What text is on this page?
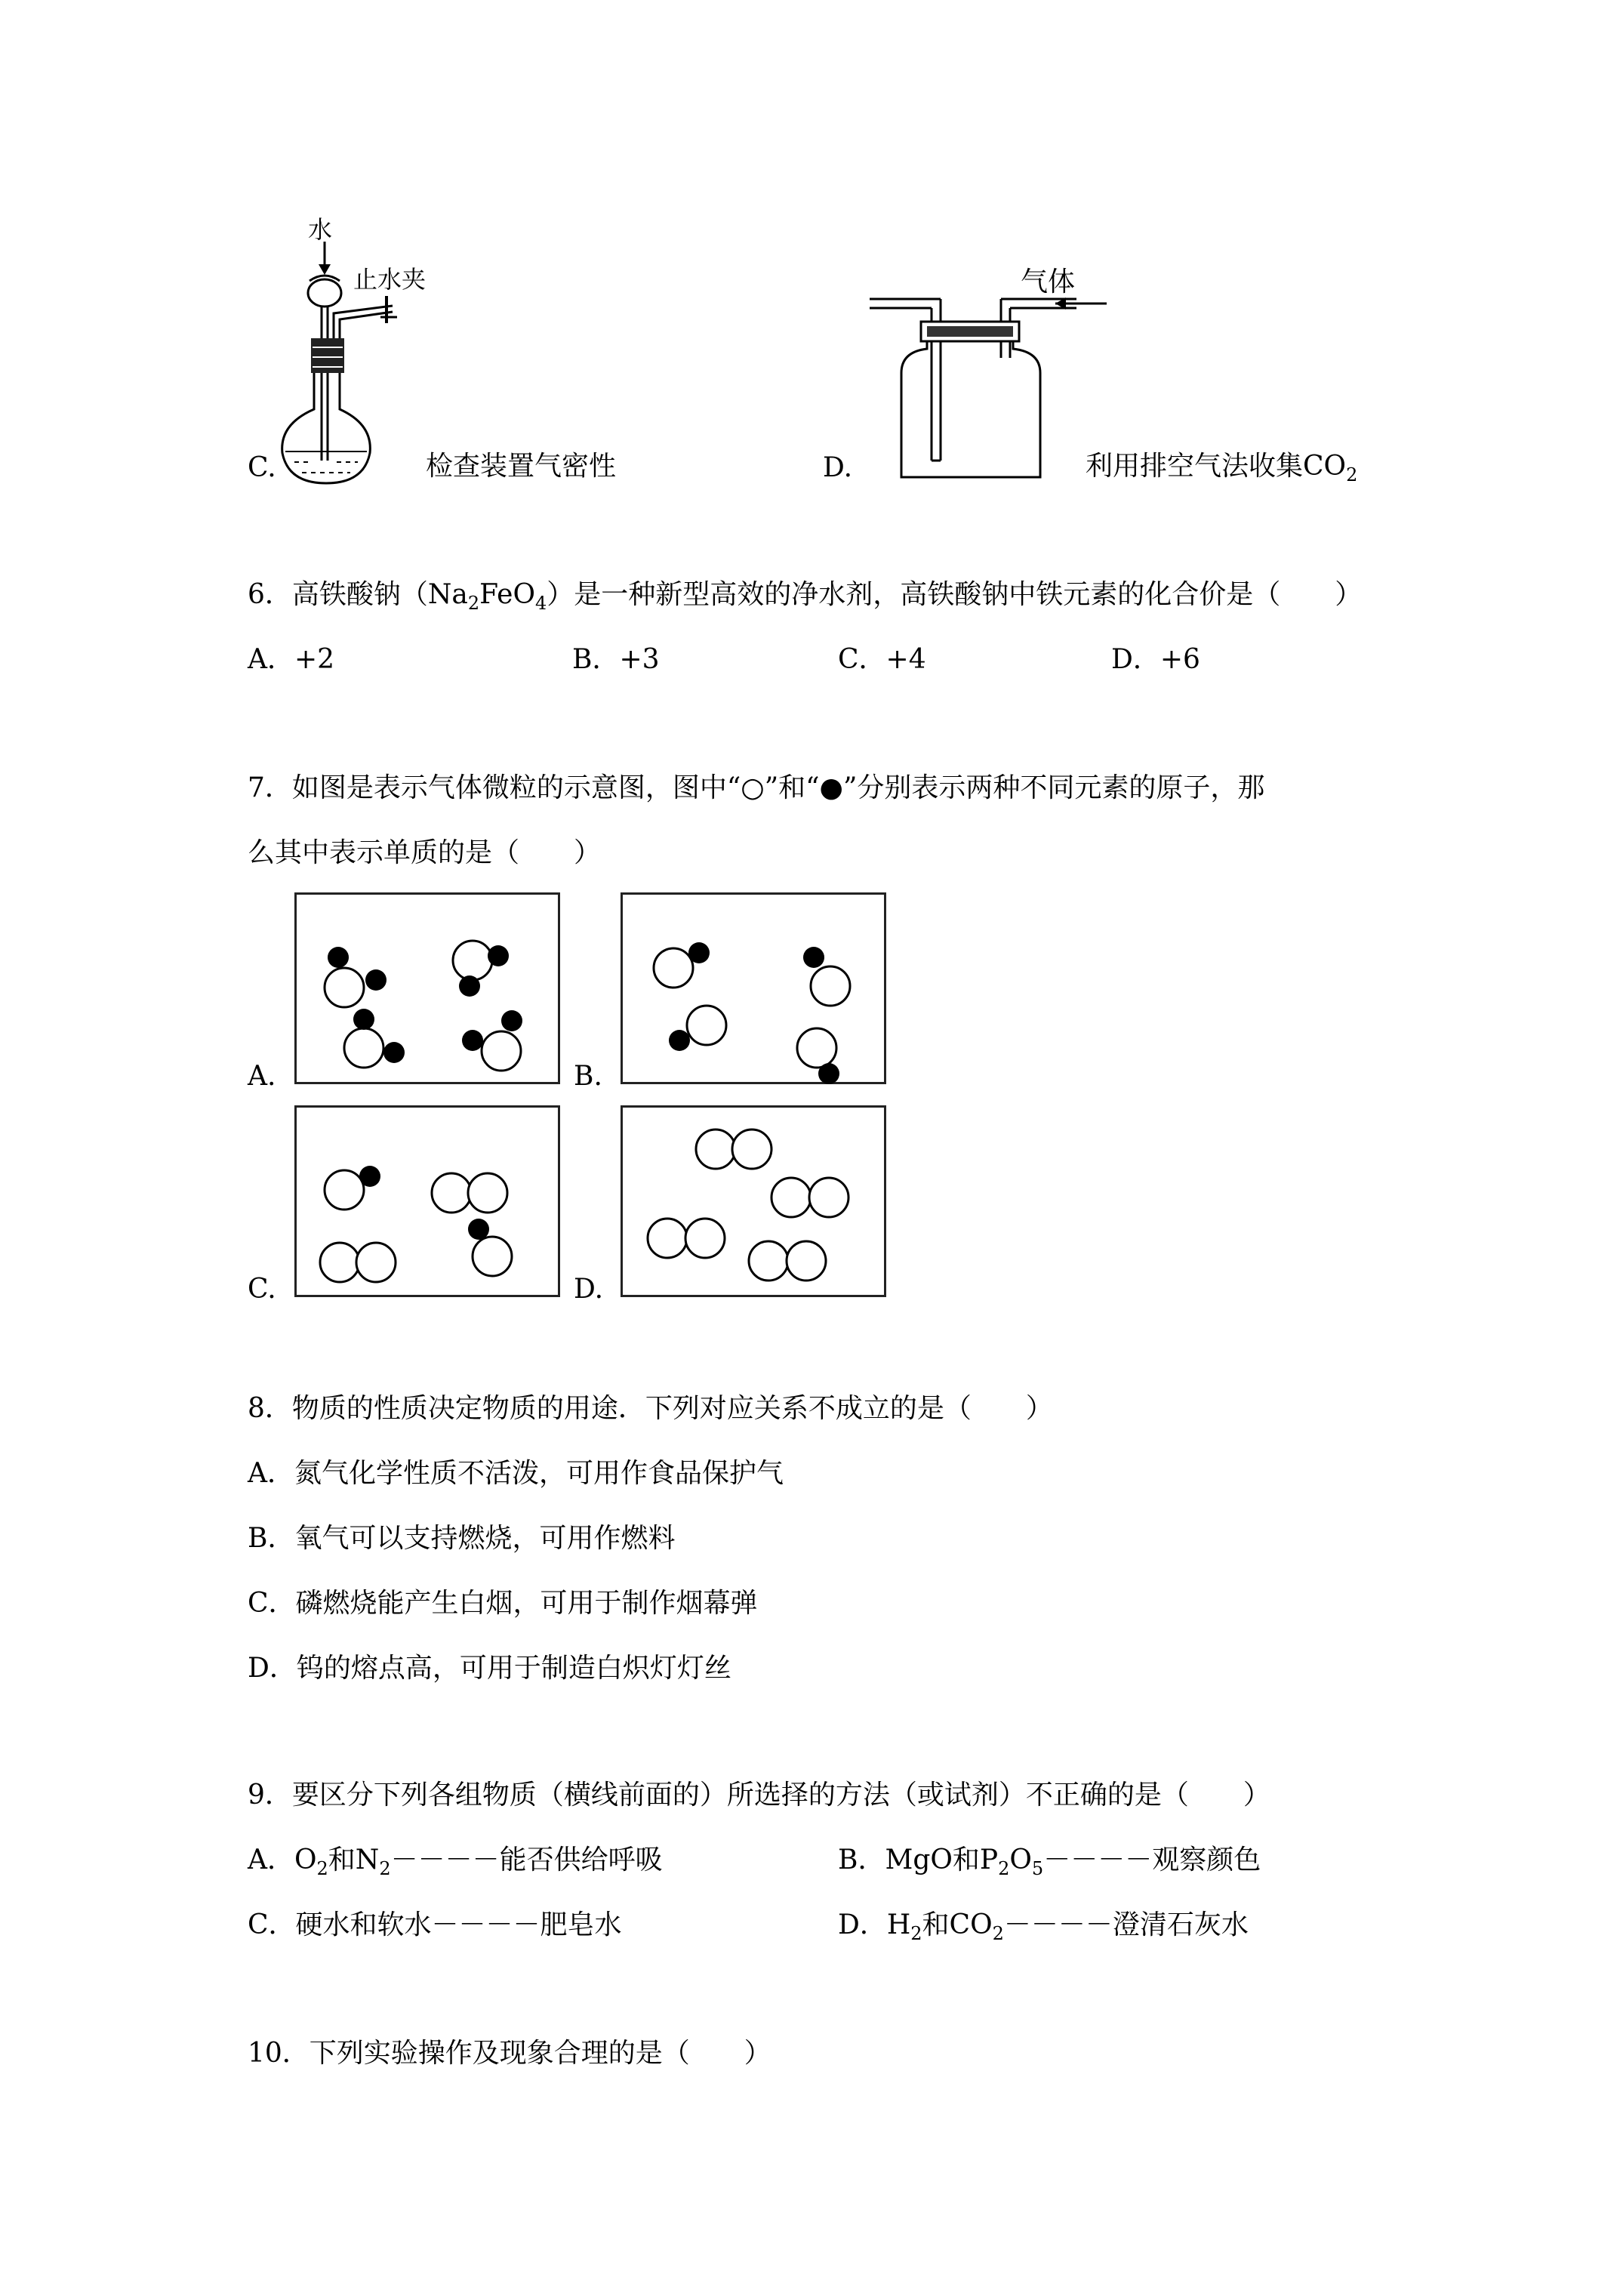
水
止水夹
C.	检查装置气密性
气体
D.	利用排空气法收集$CO_2$
6．高铁酸钠$(Na_2FeO_4)$是一种新型高效的净水剂，高铁酸钠中铁元素的化合价是（　　）
A．+2	B．+3	C．+4	D．+6
7．如图是表示气体微粒的示意图，图中“○”和“●”分别表示两种不同元素的原子，那
么其中表示单质的是（　　）
A.	B.
C.	D.
8．物质的性质决定物质的用途．下列对应关系不成立的是（　　）
A．氮气化学性质不活泼，可用作食品保护气
B．氧气可以支持燃烧，可用作燃料
C．磷燃烧能产生白烟，可用于制作烟幕弹
D．钨的熔点高，可用于制造白炽灯灯丝
9．要区分下列各组物质（横线前面的）所选择的方法（或试剂）不正确的是（　　）
A．$O_2$和$N_2----$能否供给呼吸	B．MgO和$P_2O_5----$观察颜色
C．硬水和软水－－－－肥皂水	D．$H_2$和$CO_2----$澄清石灰水
10．下列实验操作及现象合理的是（　　）
